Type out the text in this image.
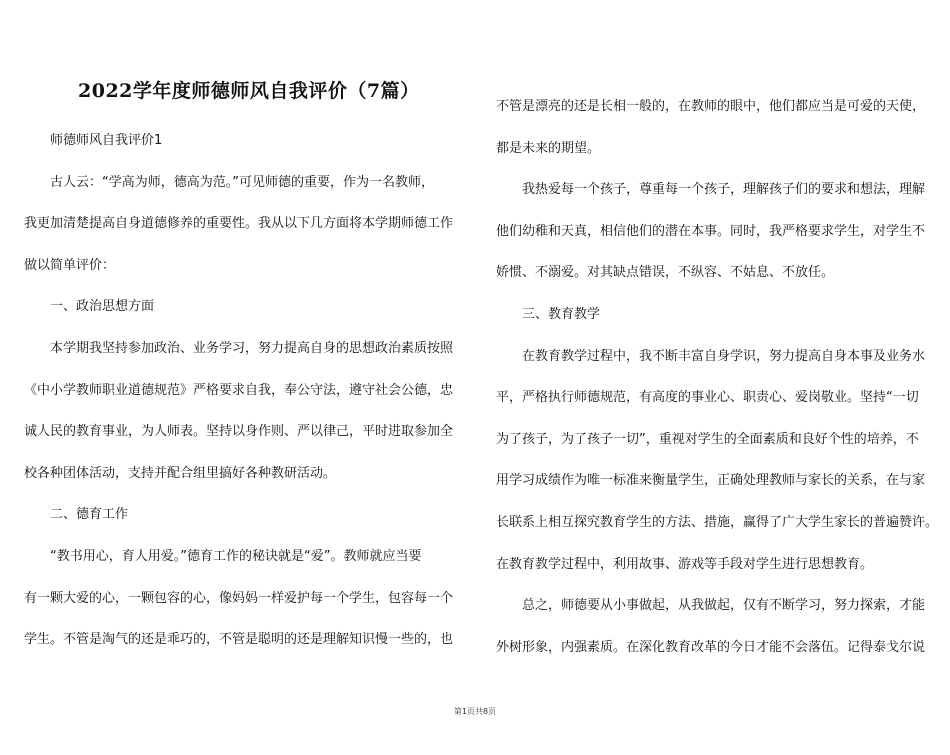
2022学年度师德师风自我评价（7篇）

师德师风自我评价1

古人云：“学高为师，德高为范。”可见师德的重要，作为一名教师，

我更加清楚提高自身道德修养的重要性。我从以下几方面将本学期师德工作

做以简单评价：

一、政治思想方面

本学期我坚持参加政治、业务学习，努力提高自身的思想政治素质按照

《中小学教师职业道德规范》严格要求自我，奉公守法，遵守社会公德，忠

诚人民的教育事业，为人师表。坚持以身作则、严以律己，平时进取参加全

校各种团体活动，支持并配合组里搞好各种教研活动。

二、德育工作

“教书用心，育人用爱。”德育工作的秘诀就是“爱”。教师就应当要

有一颗大爱的心，一颗包容的心，像妈妈一样爱护每一个学生，包容每一个

学生。不管是淘气的还是乖巧的，不管是聪明的还是理解知识慢一些的，也

不管是漂亮的还是长相一般的，在教师的眼中，他们都应当是可爱的天使，

都是未来的期望。

我热爱每一个孩子，尊重每一个孩子，理解孩子们的要求和想法，理解

他们幼稚和天真，相信他们的潜在本事。同时，我严格要求学生，对学生不

娇惯、不溺爱。对其缺点错误，不纵容、不姑息、不放任。

三、教育教学

在教育教学过程中，我不断丰富自身学识，努力提高自身本事及业务水

平，严格执行师德规范，有高度的事业心、职责心、爱岗敬业。坚持“一切

为了孩子，为了孩子一切”，重视对学生的全面素质和良好个性的培养，不

用学习成绩作为唯一标准来衡量学生，正确处理教师与家长的关系，在与家

长联系上相互探究教育学生的方法、措施，赢得了广大学生家长的普遍赞许。

在教育教学过程中，利用故事、游戏等手段对学生进行思想教育。

总之，师德要从小事做起，从我做起，仅有不断学习，努力探索，才能

外树形象，内强素质。在深化教育改革的今日才能不会落伍。记得泰戈尔说

第1页共8页
